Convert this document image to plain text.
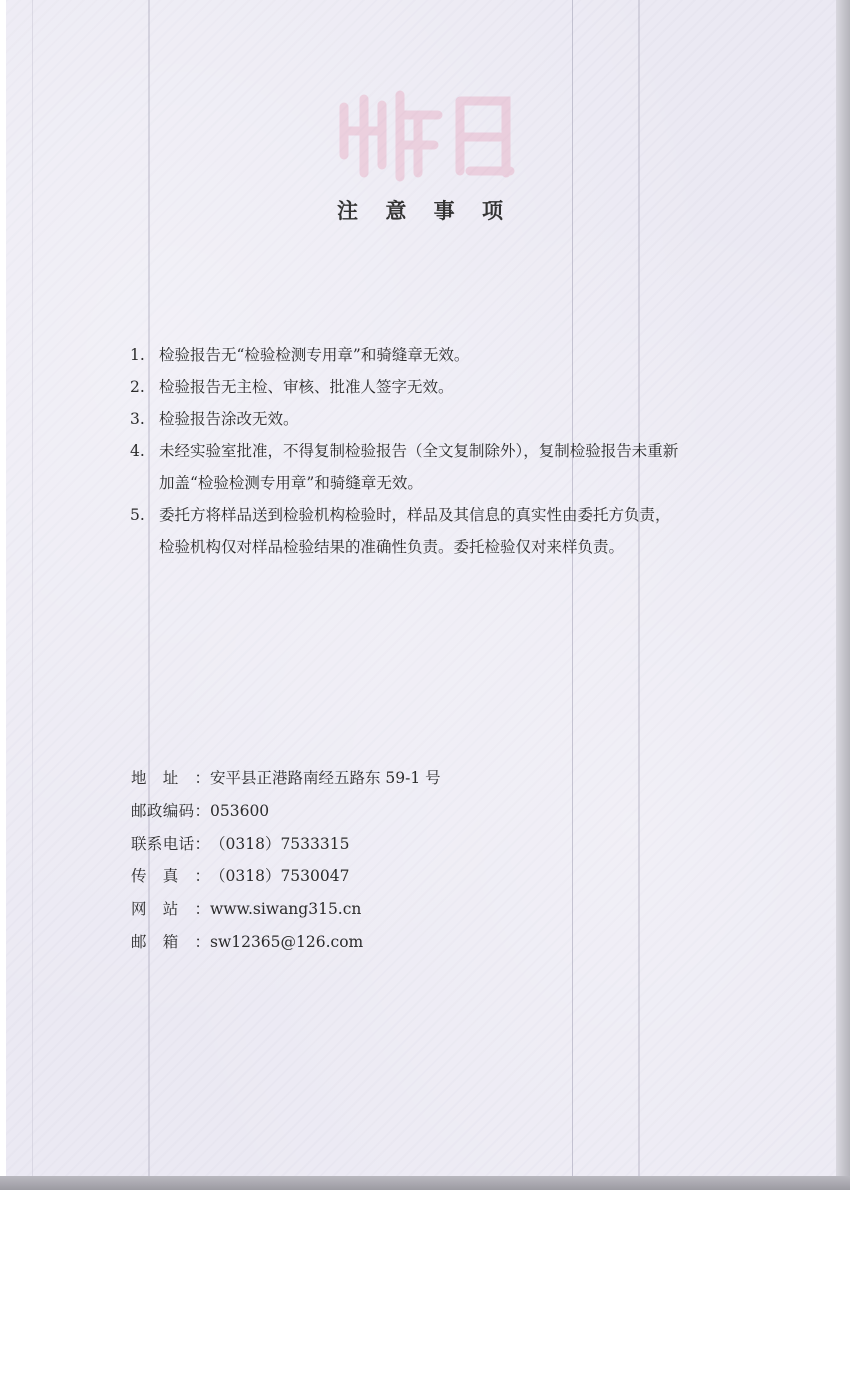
注 意 事 项
1. 检验报告无“检验检测专用章”和骑缝章无效。
2. 检验报告无主检、审核、批准人签字无效。
3. 检验报告涂改无效。
4. 未经实验室批准，不得复制检验报告（全文复制除外），复制检验报告未重新
加盖“检验检测专用章”和骑缝章无效。
5. 委托方将样品送到检验机构检验时，样品及其信息的真实性由委托方负责，
检验机构仅对样品检验结果的准确性负责。委托检验仅对来样负责。
地址：安平县正港路南经五路东 59-1 号
邮政编码：053600
联系电话：（0318）7533315
传真：（0318）7530047
网站：www.siwang315.cn
邮箱：sw12365@126.com
